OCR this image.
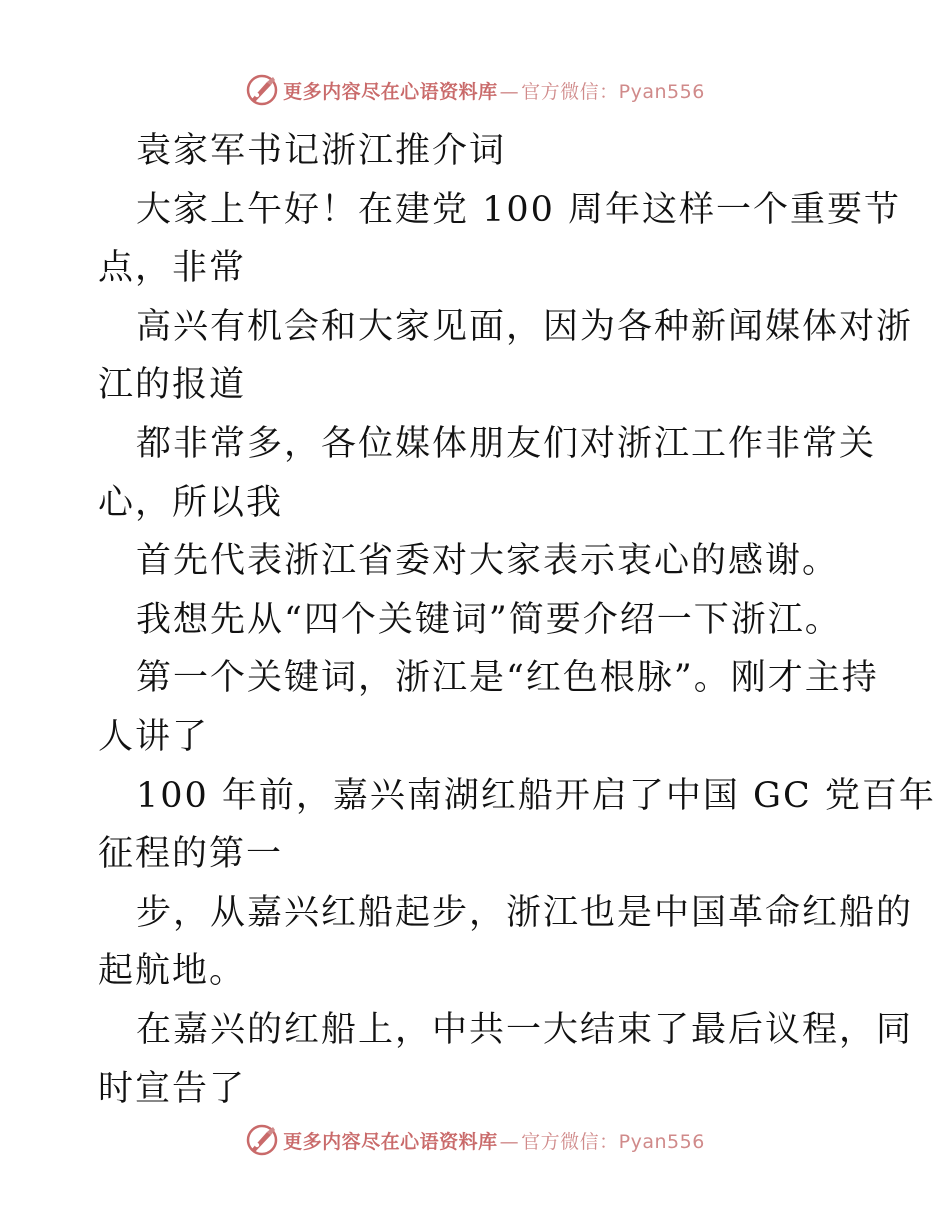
更多内容尽在心语资料库 — 官方微信：Pyan556
袁家军书记浙江推介词
大家上午好！在建党 100 周年这样一个重要节
点，非常
高兴有机会和大家见面，因为各种新闻媒体对浙
江的报道
都非常多，各位媒体朋友们对浙江工作非常关
心，所以我
首先代表浙江省委对大家表示衷心的感谢。
我想先从“四个关键词”简要介绍一下浙江。
第一个关键词，浙江是“红色根脉”。刚才主持
人讲了
100 年前，嘉兴南湖红船开启了中国 GC 党百年
征程的第一
步，从嘉兴红船起步，浙江也是中国革命红船的
起航地。
在嘉兴的红船上，中共一大结束了最后议程，同
时宣告了
更多内容尽在心语资料库 — 官方微信：Pyan556
